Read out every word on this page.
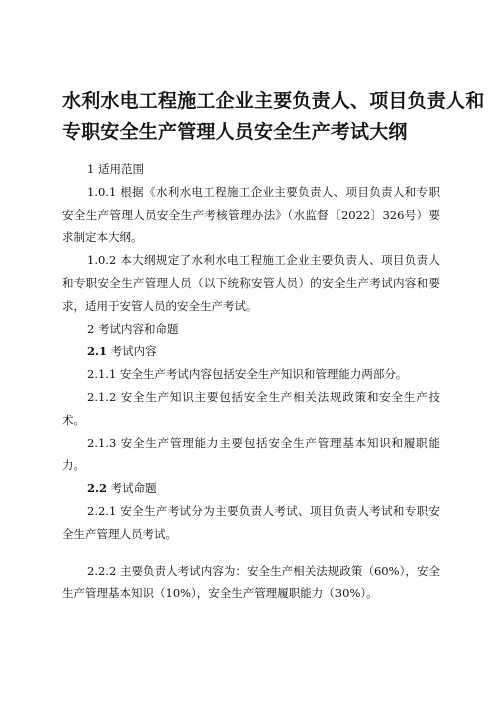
水利水电工程施工企业主要负责人、项目负责人和
专职安全生产管理人员安全生产考试大纲

1 适用范围

1.0.1 根据《水利水电工程施工企业主要负责人、项目负责人和专职安全生产管理人员安全生产考核管理办法》（水监督〔2022〕326号）要求制定本大纲。

1.0.2 本大纲规定了水利水电工程施工企业主要负责人、项目负责人和专职安全生产管理人员（以下统称安管人员）的安全生产考试内容和要求，适用于安管人员的安全生产考试。

2 考试内容和命题

2.1 考试内容

2.1.1 安全生产考试内容包括安全生产知识和管理能力两部分。

2.1.2 安全生产知识主要包括安全生产相关法规政策和安全生产技术。

2.1.3 安全生产管理能力主要包括安全生产管理基本知识和履职能力。

2.2 考试命题

2.2.1 安全生产考试分为主要负责人考试、项目负责人考试和专职安全生产管理人员考试。

2.2.2 主要负责人考试内容为：安全生产相关法规政策（60%），安全生产管理基本知识（10%），安全生产管理履职能力（30%）。
